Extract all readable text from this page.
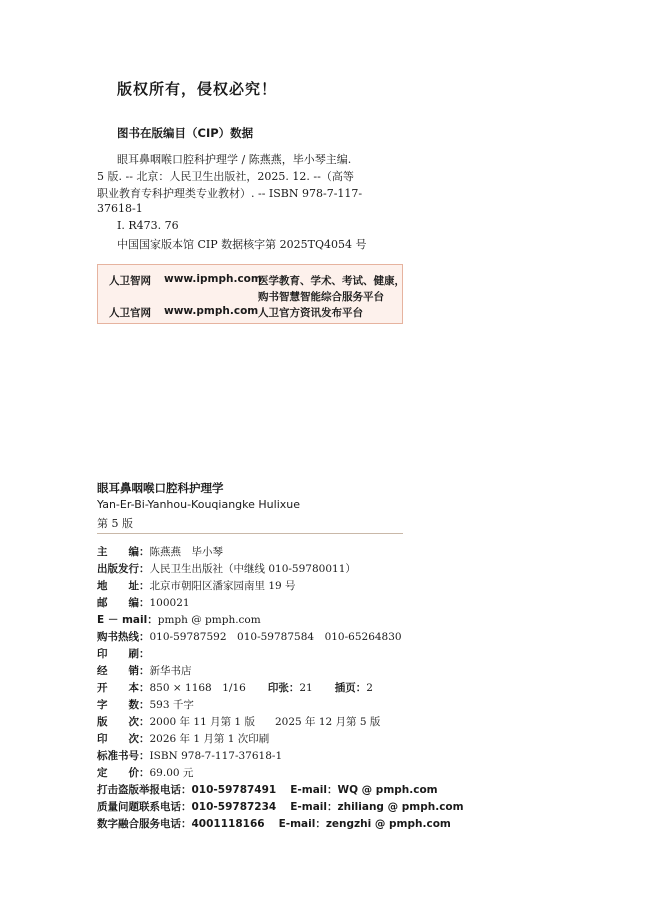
版权所有，侵权必究！
图书在版编目（CIP）数据
眼耳鼻咽喉口腔科护理学 / 陈燕燕，毕小琴主编.
5 版. -- 北京：人民卫生出版社，2025. 12. --（高等
职业教育专科护理类专业教材）. -- ISBN 978-7-117-
37618-1
Ⅰ. R473. 76
中国国家版本馆 CIP 数据核字第 2025TQ4054 号
人卫智网 www.ipmph.com
医学教育、学术、考试、健康，
购书智慧智能综合服务平台
人卫官网 www.pmph.com 人卫官方资讯发布平台
眼耳鼻咽喉口腔科护理学
Yan-Er-Bi-Yanhou-Kouqiangke Hulixue
第 5 版
主　　编：陈燕燕　毕小琴
出版发行：人民卫生出版社（中继线 010-59780011）
地　　址：北京市朝阳区潘家园南里 19 号
邮　　编：100021
E － mail：pmph @ pmph.com
购书热线：010-59787592　010-59787584　010-65264830
印　　刷：
经　　销：新华书店
开　　本：850 × 1168　1/16 印张：21 插页：2
字　　数：593 千字
版　　次：2000 年 11 月第 1 版 2025 年 12 月第 5 版
印　　次：2026 年 1 月第 1 次印刷
标准书号：ISBN 978-7-117-37618-1
定　　价：69.00 元
打击盗版举报电话：010-59787491 E-mail：WQ @ pmph.com
质量问题联系电话：010-59787234 E-mail：zhiliang @ pmph.com
数字融合服务电话：4001118166 E-mail：zengzhi @ pmph.com
